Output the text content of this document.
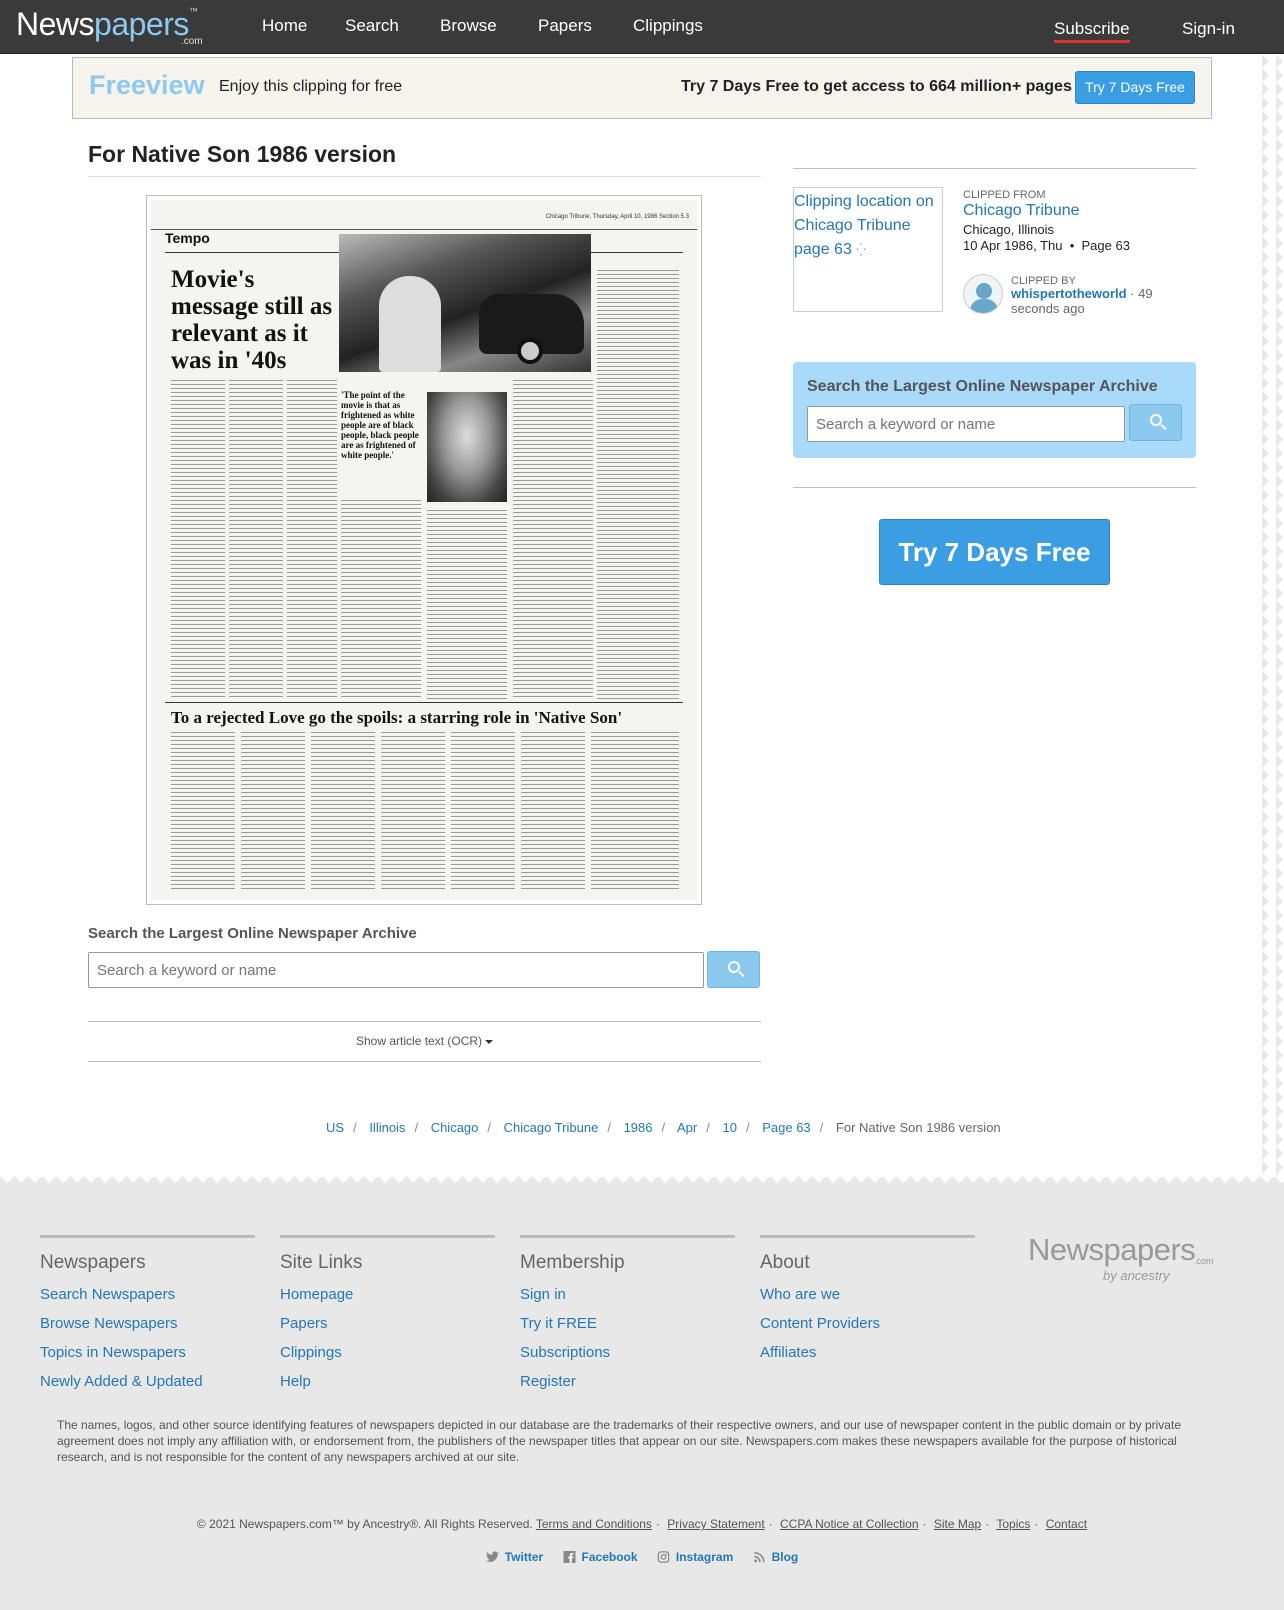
Newspapers™
.com
Home Search Browse Papers Clippings	Subscribe	Sign-in
Freeview Enjoy this clipping for free	Try 7 Days Free to get access to 664 million+ pages Try 7 Days Free
For Native Son 1986 version
Chicago Tribune, Thursday, April 10, 1986 Section 5 3
Tempo
Movie's message still as relevant as it was in '40s
'The point of the movie is that as frightened as white people are of black people, black people are as frightened of white people.'
To a rejected Love go the spoils: a starring role in 'Native Son'
Search the Largest Online Newspaper Archive
Search a keyword or name
Show article text (OCR)
US / Illinois / Chicago / Chicago Tribune / 1986 / Apr / 10 / Page 63 / For Native Son 1986 version
Clipping location on Chicago Tribune page 63 ⁛
CLIPPED FROM
Chicago Tribune
Chicago, Illinois
10 Apr 1986, Thu  •  Page 63
CLIPPED BY
whispertotheworld · 49 seconds ago
Search the Largest Online Newspaper Archive
Search a keyword or name
Try 7 Days Free
Newspapers
Search Newspapers
Browse Newspapers
Topics in Newspapers
Newly Added & Updated
Site Links
Homepage
Papers
Clippings
Help
Membership
Sign in
Try it FREE
Subscriptions
Register
About
Who are we
Content Providers
Affiliates
Newspapers
.com
by ancestry
The names, logos, and other source identifying features of newspapers depicted in our database are the trademarks of their respective owners, and our use of newspaper content in the public domain or by private agreement does not imply any affiliation with, or endorsement from, the publishers of the newspaper titles that appear on our site. Newspapers.com makes these newspapers available for the purpose of historical research, and is not responsible for the content of any newspapers archived at our site.
© 2021 Newspapers.com™ by Ancestry®. All Rights Reserved. Terms and Conditions · Privacy Statement · CCPA Notice at Collection · Site Map · Topics · Contact
Twitter	Facebook	Instagram	Blog
